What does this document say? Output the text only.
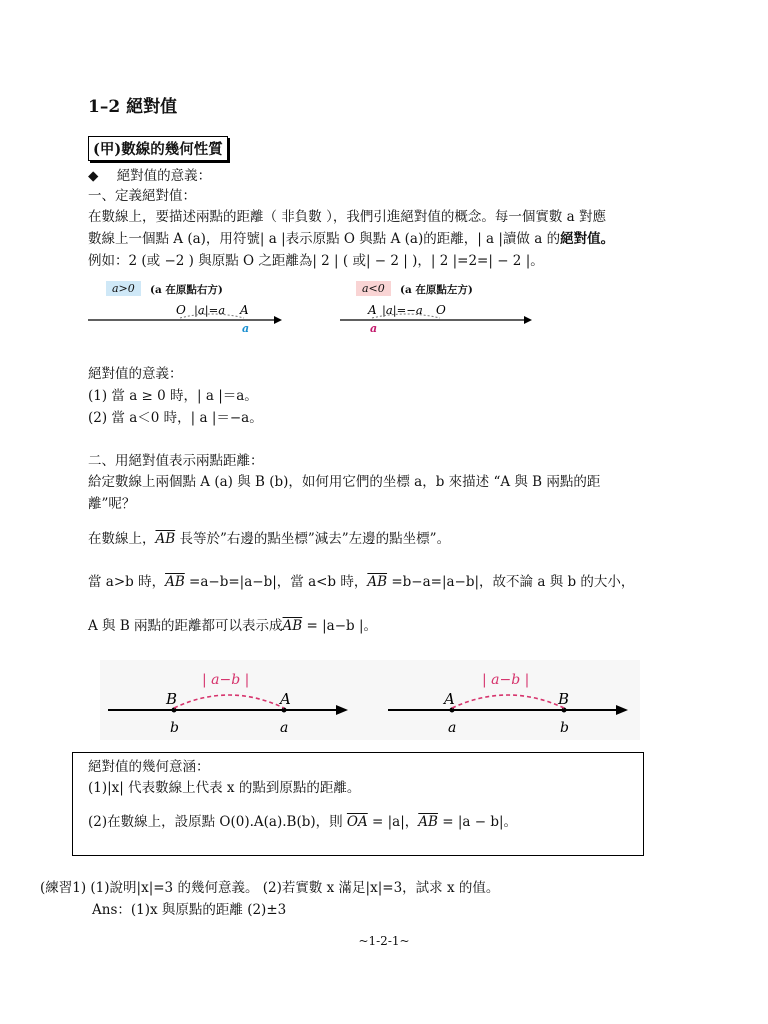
1–2 絕對值
(甲)數線的幾何性質
◆ 絕對值的意義：
一、定義絕對值：
在數線上，要描述兩點的距離（ 非負數 ），我們引進絕對值的概念。每一個實數 a 對應
數線上一個點 A (a)，用符號| a |表示原點 O 與點 A (a)的距離，| a |讀做 a 的絕對值。
例如：2 (或 −2 ) 與原點 O 之距離為| 2 | ( 或| − 2 | )，| 2 |=2=| − 2 |。
a>0	(a 在原點右方)	a<0	(a 在原點左方)
O |a|=a A
a
A |a|=−a O
a
絕對值的意義：
(1) 當 a ≥ 0 時，| a |＝a。
(2) 當 a＜0 時，| a |＝−a。
二、用絕對值表示兩點距離：
給定數線上兩個點 A (a) 與 B (b)，如何用它們的坐標 a，b 來描述 “A 與 B 兩點的距
離”呢？
在數線上，$\overline{AB}$ 長等於”右邊的點坐標”減去”左邊的點坐標”。
當 a>b 時，$\overline{AB} =a-b=|a-b|$，當 a<b 時，$\overline{AB} =b-a=|a-b|$，故不論 a 與 b 的大小，
A 與 B 兩點的距離都可以表示成$\overline{AB} = |a-b$ |。
| a−b |
B	A
b	a
| a−b |
A	B
a	b
絕對值的幾何意涵：
(1)|x| 代表數線上代表 x 的點到原點的距離。
(2)在數線上，設原點 O(0).A(a).B(b)，則 $\overline{OA} = |a|$，$\overline{AB} = |a - b|$。
(練習1) (1)說明|x|=3 的幾何意義。 (2)若實數 x 滿足|x|=3，試求 x 的值。
Ans：(1)x 與原點的距離 (2)±3
~1-2-1~
